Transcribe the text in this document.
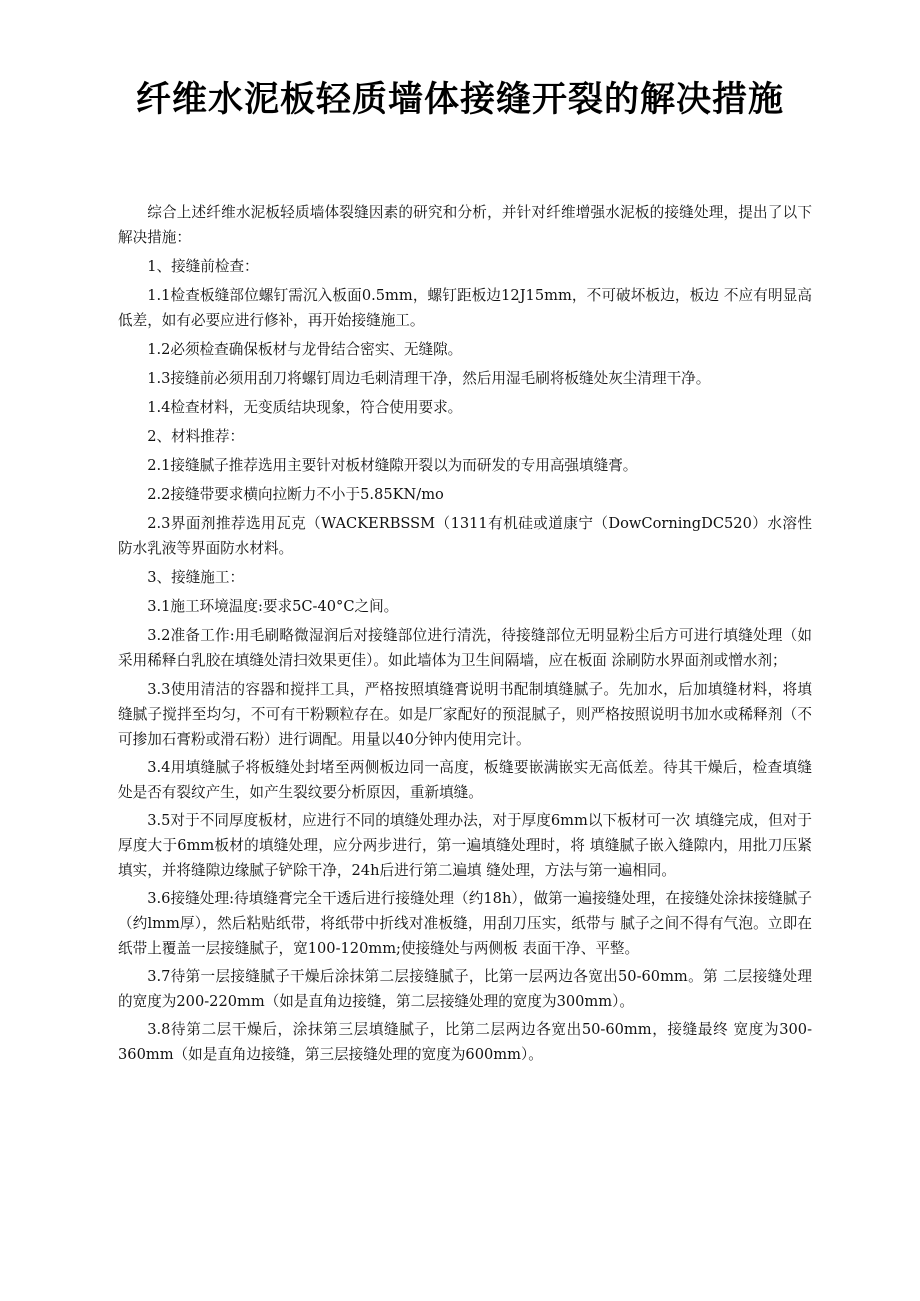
纤维水泥板轻质墙体接缝开裂的解决措施

综合上述纤维水泥板轻质墙体裂缝因素的研究和分析，并针对纤维增强水泥板的接缝处理，提出了以下解决措施：

1、接缝前检查：

1.1检查板缝部位螺钉需沉入板面0.5mm，螺钉距板边12J15mm，不可破坏板边，板边 不应有明显高低差，如有必要应进行修补，再开始接缝施工。

1.2必须检查确保板材与龙骨结合密实、无缝隙。

1.3接缝前必须用刮刀将螺钉周边毛刺清理干净，然后用湿毛刷将板缝处灰尘清理干净。

1.4检查材料，无变质结块现象，符合使用要求。

2、材料推荐：

2.1接缝腻子推荐选用主要针对板材缝隙开裂以为而研发的专用高强填缝膏。

2.2接缝带要求横向拉断力不小于5.85KN/mo

2.3界面剂推荐选用瓦克（WACKERBSSM（1311有机硅或道康宁（DowCorningDC520）水溶性防水乳液等界面防水材料。

3、接缝施工：

3.1施工环境温度:要求5C-40°C之间。

3.2准备工作:用毛刷略微湿润后对接缝部位进行清洗，待接缝部位无明显粉尘后方可进行填缝处理（如采用稀释白乳胶在填缝处清扫效果更佳）。如此墙体为卫生间隔墙，应在板面 涂刷防水界面剂或憎水剂；

3.3使用清洁的容器和搅拌工具，严格按照填缝膏说明书配制填缝腻子。先加水，后加填缝材料，将填缝腻子搅拌至均匀，不可有干粉颗粒存在。如是厂家配好的预混腻子，则严格按照说明书加水或稀释剂（不可掺加石膏粉或滑石粉）进行调配。用量以40分钟内使用完计。

3.4用填缝腻子将板缝处封堵至两侧板边同一高度，板缝要嵌满嵌实无高低差。待其干燥后，检查填缝处是否有裂纹产生，如产生裂纹要分析原因，重新填缝。

3.5对于不同厚度板材，应进行不同的填缝处理办法，对于厚度6mm以下板材可一次 填缝完成，但对于厚度大于6mm板材的填缝处理，应分两步进行，第一遍填缝处理时，将 填缝腻子嵌入缝隙内，用批刀压紧填实，并将缝隙边缘腻子铲除干净，24h后进行第二遍填 缝处理，方法与第一遍相同。

3.6接缝处理:待填缝膏完全干透后进行接缝处理（约18h），做第一遍接缝处理，在接缝处涂抹接缝腻子（约lmm厚），然后粘贴纸带，将纸带中折线对准板缝，用刮刀压实，纸带与 腻子之间不得有气泡。立即在纸带上覆盖一层接缝腻子，宽100-120mm;使接缝处与两侧板 表面干净、平整。

3.7待第一层接缝腻子干燥后涂抹第二层接缝腻子，比第一层两边各宽出50-60mm。第 二层接缝处理的宽度为200-220mm（如是直角边接缝，第二层接缝处理的宽度为300mm）。

3.8待第二层干燥后，涂抹第三层填缝腻子，比第二层两边各宽出50-60mm，接缝最终 宽度为300-360mm（如是直角边接缝，第三层接缝处理的宽度为600mm）。
